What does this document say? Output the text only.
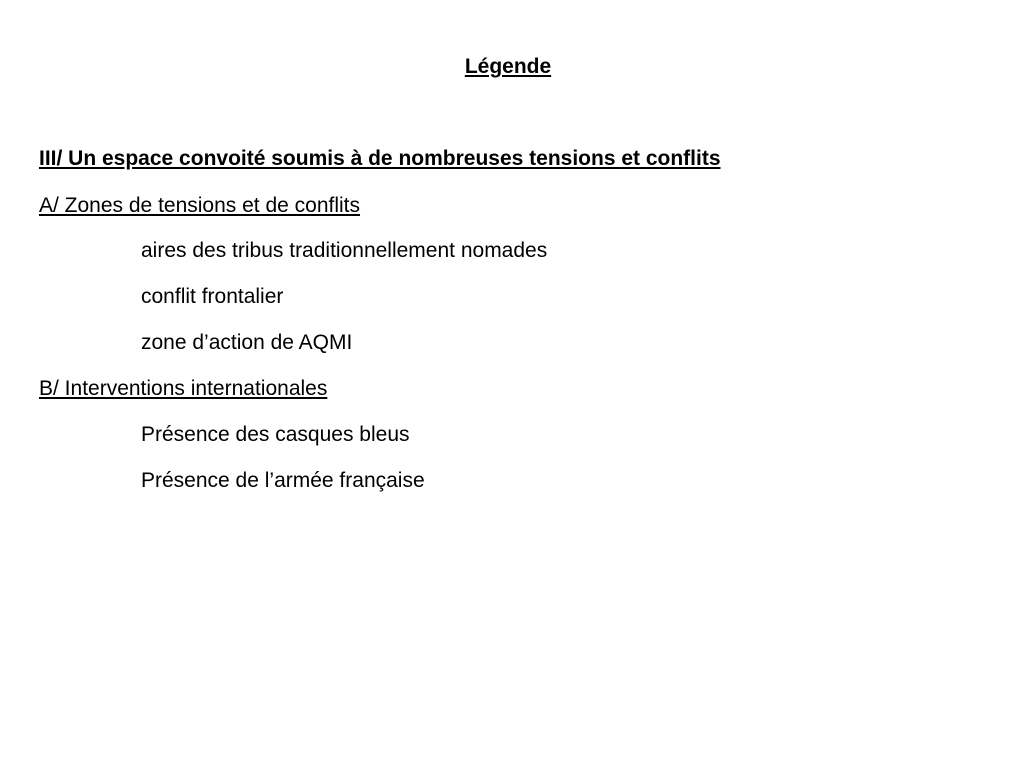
Légende
III/ Un espace convoité soumis à de nombreuses tensions et conflits
A/ Zones de tensions et de conflits
aires des tribus traditionnellement nomades
conflit frontalier
zone d’action de AQMI
B/ Interventions internationales
Présence des casques bleus
Présence de l’armée française
